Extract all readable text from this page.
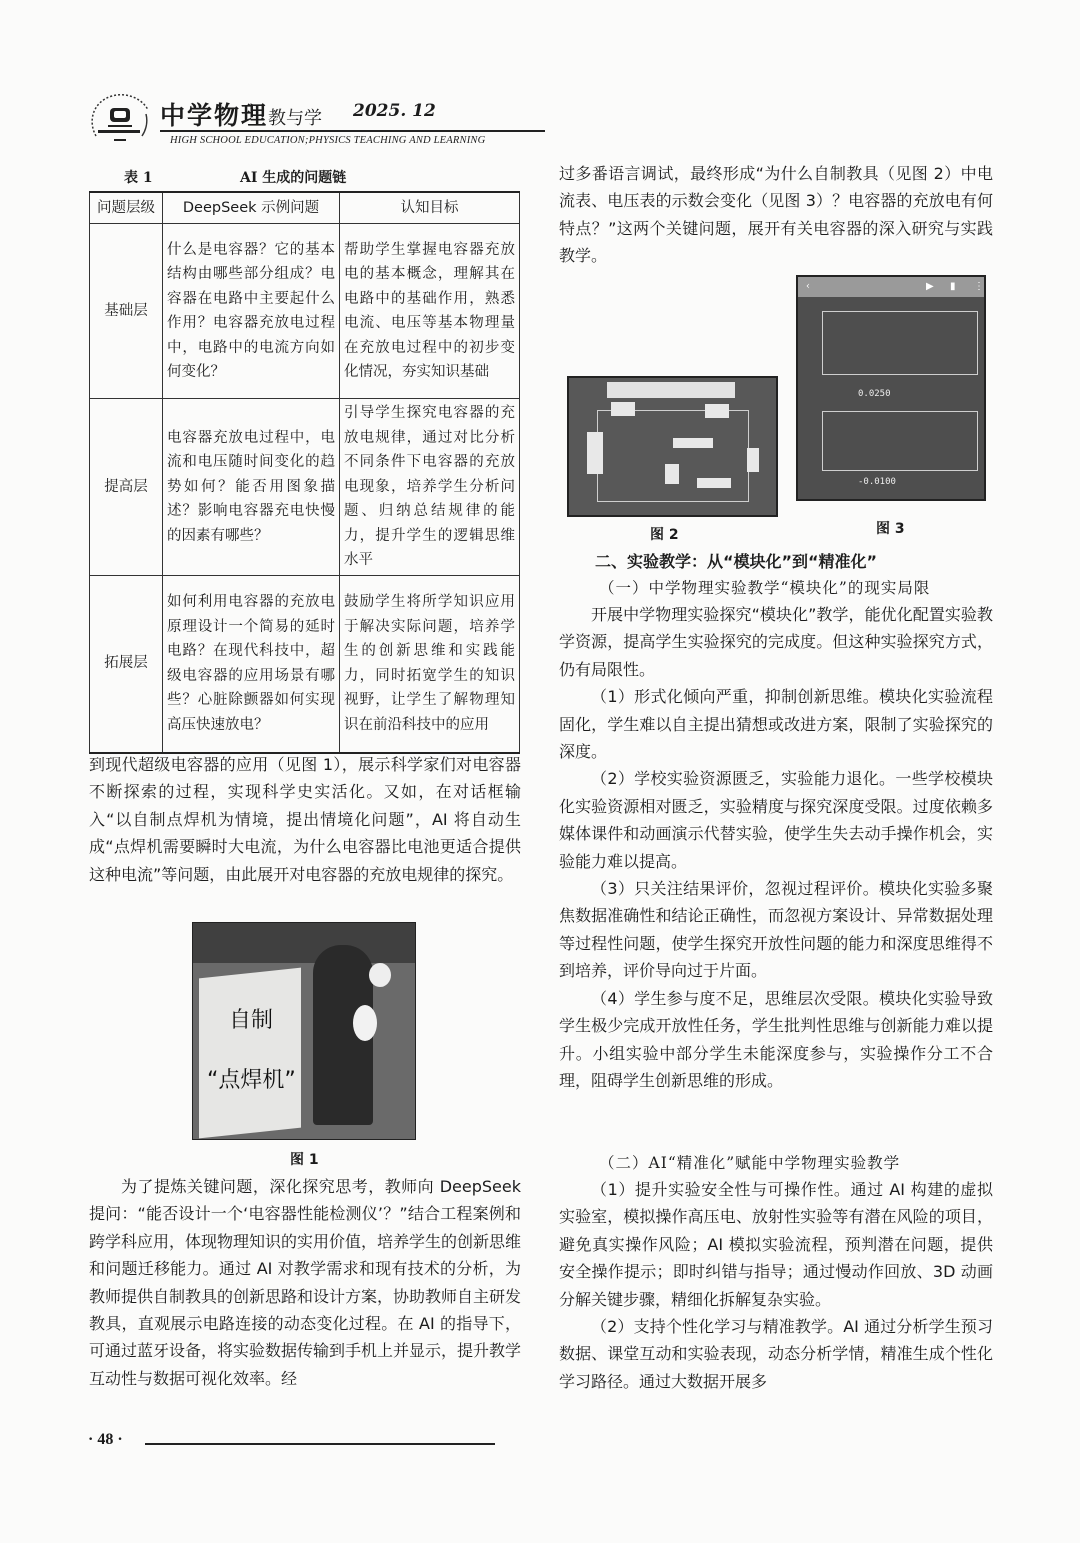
中学物理教与学 2025. 12
HIGH SCHOOL EDUCATION;PHYSICS TEACHING AND LEARNING
表 1	AI 生成的问题链
问题层级	DeepSeek 示例问题	认知目标
基础层	什么是电容器？它的基本结构由哪些部分组成？电容器在电路中主要起什么作用？电容器充放电过程中，电路中的电流方向如何变化？	帮助学生掌握电容器充放电的基本概念，理解其在电路中的基础作用，熟悉电流、电压等基本物理量在充放电过程中的初步变化情况，夯实知识基础
提高层	电容器充放电过程中，电流和电压随时间变化的趋势如何？能否用图象描述？影响电容器充电快慢的因素有哪些？	引导学生探究电容器的充放电规律，通过对比分析不同条件下电容器的充放电现象，培养学生分析问题、归纳总结规律的能力，提升学生的逻辑思维水平
拓展层	如何利用电容器的充放电原理设计一个简易的延时电路？在现代科技中，超级电容器的应用场景有哪些？心脏除颤器如何实现高压快速放电？	鼓励学生将所学知识应用于解决实际问题，培养学生的创新思维和实践能力，同时拓宽学生的知识视野，让学生了解物理知识在前沿科技中的应用
到现代超级电容器的应用（见图 1），展示科学家们对电容器不断探索的过程，实现科学史实活化。又如，在对话框输入“以自制点焊机为情境，提出情境化问题”，AI 将自动生成“点焊机需要瞬时大电流，为什么电容器比电池更适合提供这种电流”等问题，由此展开对电容器的充放电规律的探究。
自制
“点焊机”
图 1
为了提炼关键问题，深化探究思考，教师向 DeepSeek 提问：“能否设计一个‘电容器性能检测仪’？”结合工程案例和跨学科应用，体现物理知识的实用价值，培养学生的创新思维和问题迁移能力。通过 AI 对教学需求和现有技术的分析，为教师提供自制教具的创新思路和设计方案，协助教师自主研发教具，直观展示电路连接的动态变化过程。在 AI 的指导下，可通过蓝牙设备，将实验数据传输到手机上并显示，提升教学互动性与数据可视化效率。经
· 48 ·
过多番语言调试，最终形成“为什么自制教具（见图 2）中电流表、电压表的示数会变化（见图 3）？电容器的充放电有何特点？”这两个关键问题，展开有关电容器的深入研究与实践教学。
图 2
‹	▶ ▮ ⋮
0.0250
-0.0100
图 3
二、实验教学：从“模块化”到“精准化”
（一）中学物理实验教学“模块化”的现实局限
开展中学物理实验探究“模块化”教学，能优化配置实验教学资源，提高学生实验探究的完成度。但这种实验探究方式，仍有局限性。
（1）形式化倾向严重，抑制创新思维。模块化实验流程固化，学生难以自主提出猜想或改进方案，限制了实验探究的深度。
（2）学校实验资源匮乏，实验能力退化。一些学校模块化实验资源相对匮乏，实验精度与探究深度受限。过度依赖多媒体课件和动画演示代替实验，使学生失去动手操作机会，实验能力难以提高。
（3）只关注结果评价，忽视过程评价。模块化实验多聚焦数据准确性和结论正确性，而忽视方案设计、异常数据处理等过程性问题，使学生探究开放性问题的能力和深度思维得不到培养，评价导向过于片面。
（4）学生参与度不足，思维层次受限。模块化实验导致学生极少完成开放性任务，学生批判性思维与创新能力难以提升。小组实验中部分学生未能深度参与，实验操作分工不合理，阻碍学生创新思维的形成。
（二）AI“精准化”赋能中学物理实验教学
（1）提升实验安全性与可操作性。通过 AI 构建的虚拟实验室，模拟操作高压电、放射性实验等有潜在风险的项目，避免真实操作风险；AI 模拟实验流程，预判潜在问题，提供安全操作提示；即时纠错与指导；通过慢动作回放、3D 动画分解关键步骤，精细化拆解复杂实验。
（2）支持个性化学习与精准教学。AI 通过分析学生预习数据、课堂互动和实验表现，动态分析学情，精准生成个性化学习路径。通过大数据开展多
